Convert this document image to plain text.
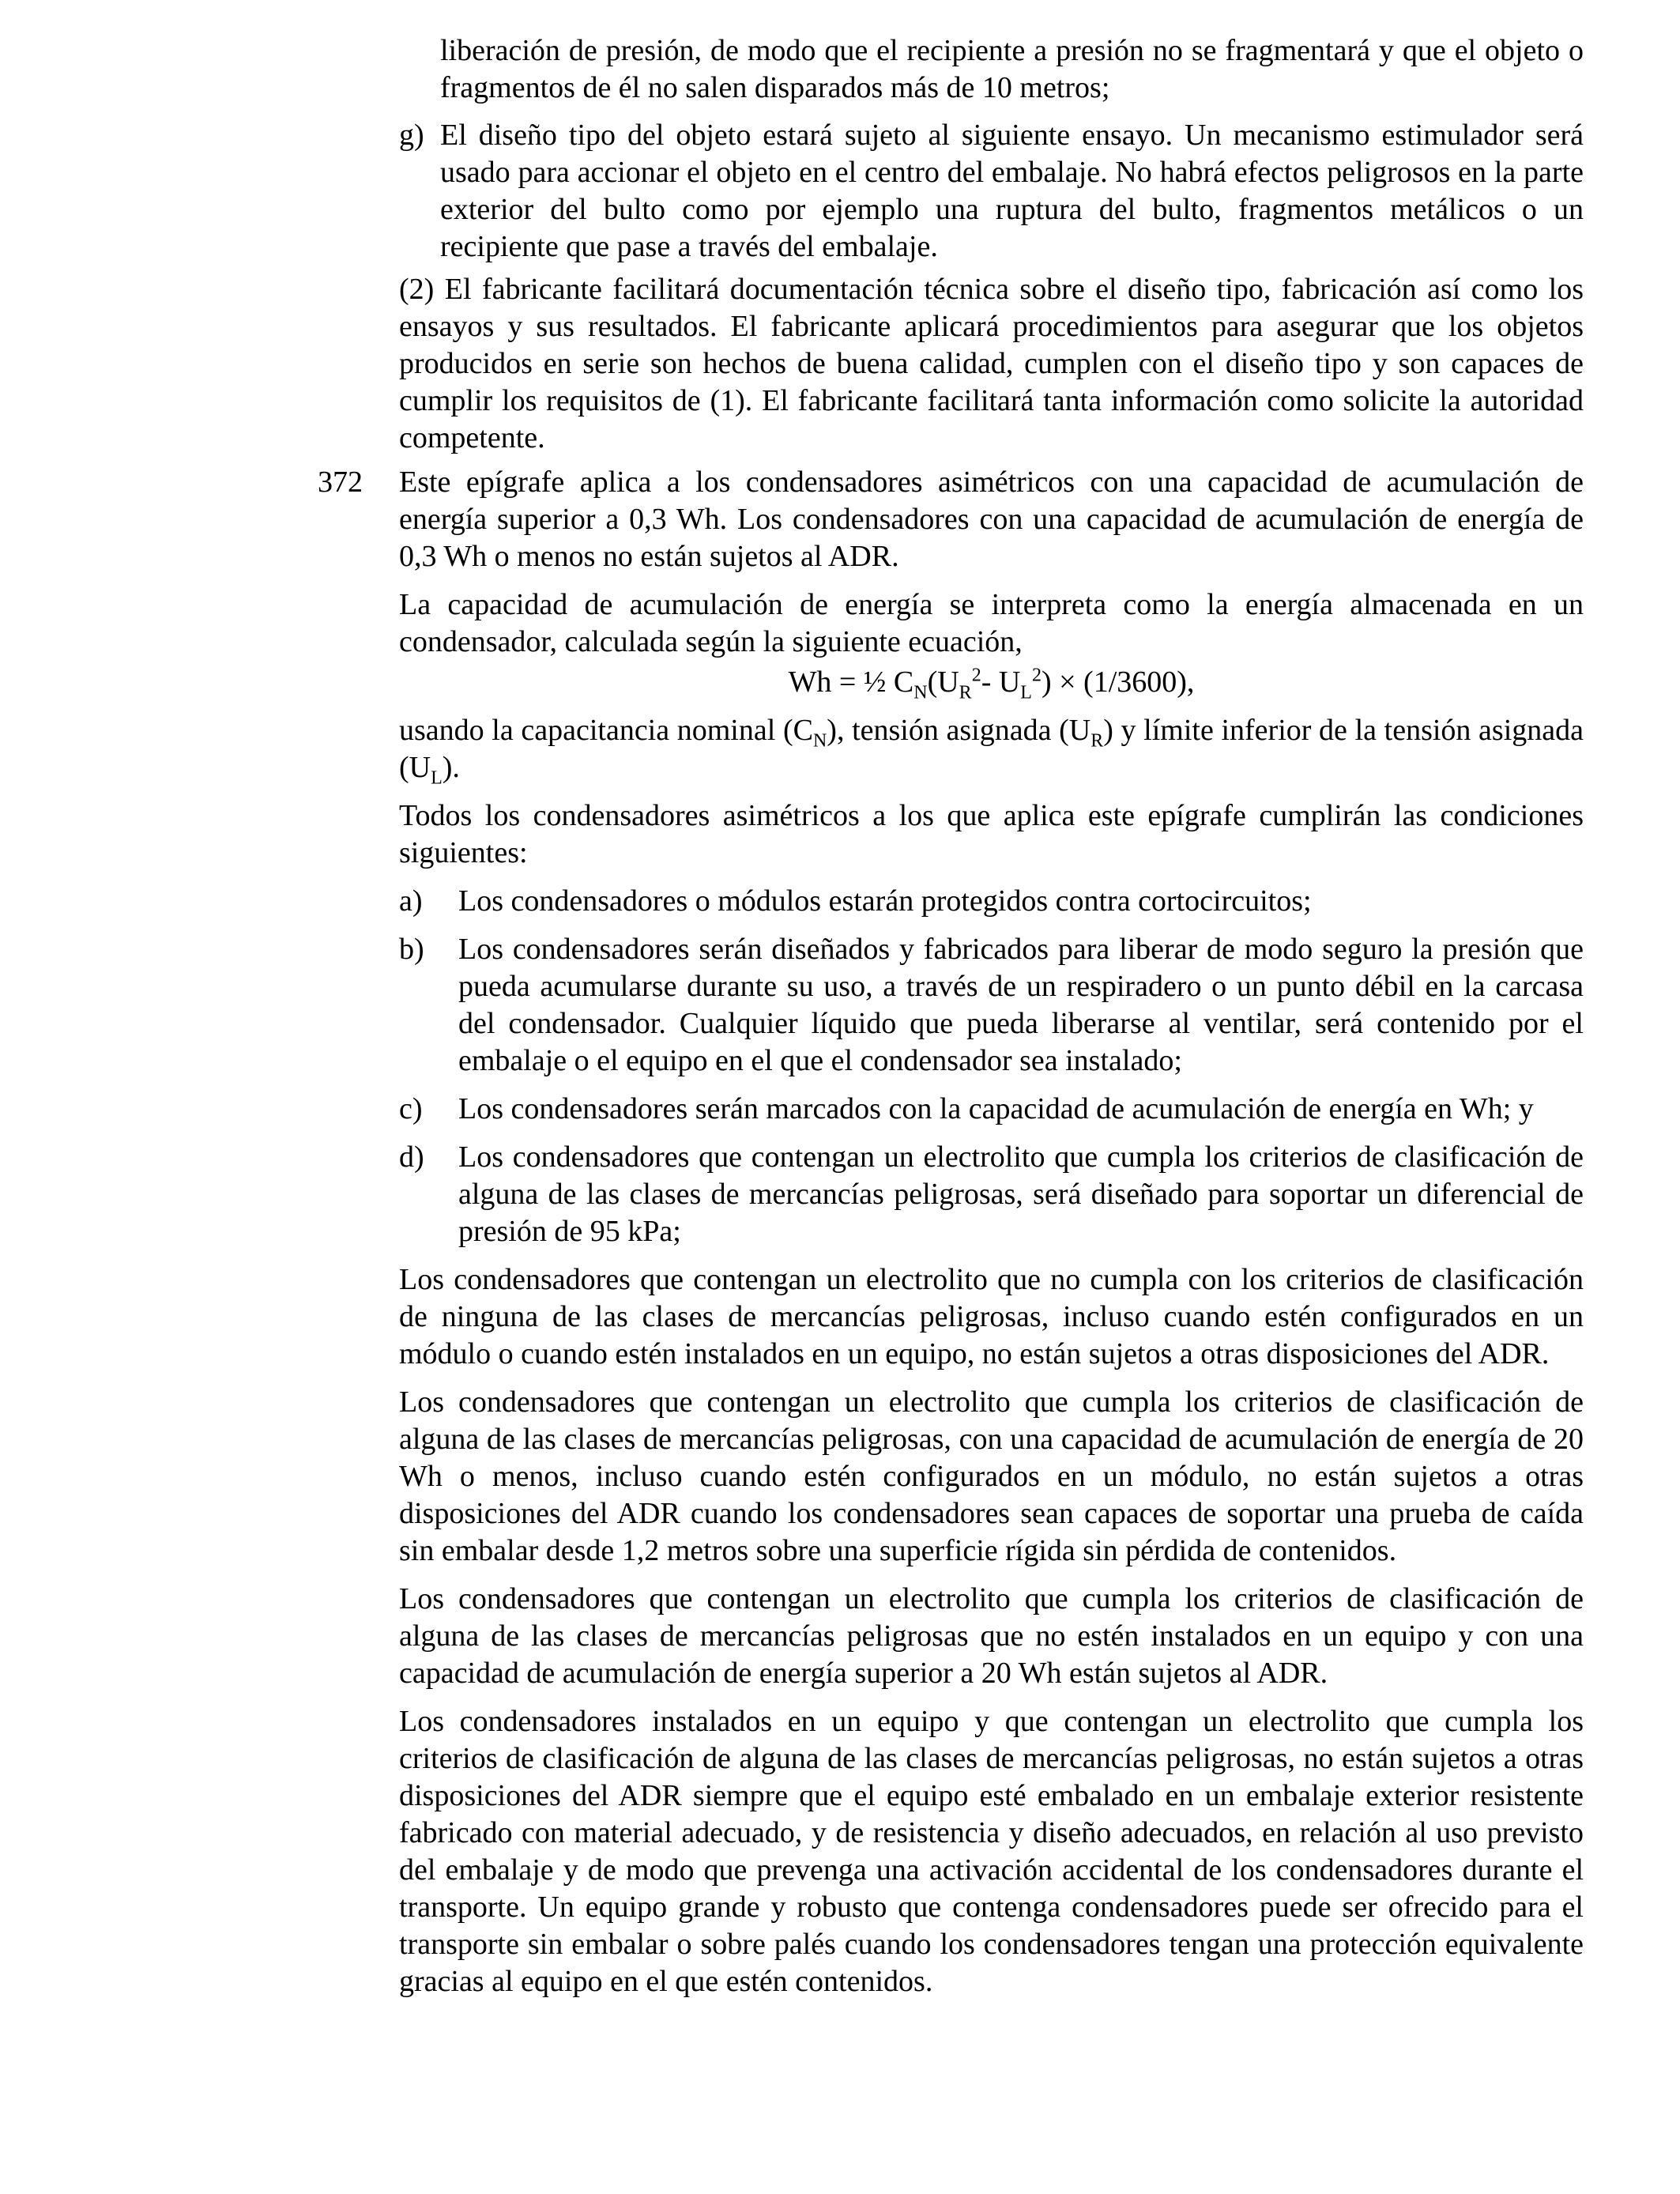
liberación de presión, de modo que el recipiente a presión no se fragmentará y que el objeto o fragmentos de él no salen disparados más de 10 metros;
g) El diseño tipo del objeto estará sujeto al siguiente ensayo. Un mecanismo estimulador será usado para accionar el objeto en el centro del embalaje. No habrá efectos peligrosos en la parte exterior del bulto como por ejemplo una ruptura del bulto, fragmentos metálicos o un recipiente que pase a través del embalaje.
(2) El fabricante facilitará documentación técnica sobre el diseño tipo, fabricación así como los ensayos y sus resultados. El fabricante aplicará procedimientos para asegurar que los objetos producidos en serie son hechos de buena calidad, cumplen con el diseño tipo y son capaces de cumplir los requisitos de (1). El fabricante facilitará tanta información como solicite la autoridad competente.
372	Este epígrafe aplica a los condensadores asimétricos con una capacidad de acumulación de energía superior a 0,3 Wh. Los condensadores con una capacidad de acumulación de energía de 0,3 Wh o menos no están sujetos al ADR.
La capacidad de acumulación de energía se interpreta como la energía almacenada en un condensador, calculada según la siguiente ecuación,
Wh = ½ $C_N(U_R^2-$ $U_L^2) \times (1/3600)$,
usando la capacitancia nominal $(C_N)$, tensión asignada $(U_R)$ y límite inferior de la tensión asignada $(U_L)$.
Todos los condensadores asimétricos a los que aplica este epígrafe cumplirán las condiciones siguientes:
a)	Los condensadores o módulos estarán protegidos contra cortocircuitos;
b)	Los condensadores serán diseñados y fabricados para liberar de modo seguro la presión que pueda acumularse durante su uso, a través de un respiradero o un punto débil en la carcasa del condensador. Cualquier líquido que pueda liberarse al ventilar, será contenido por el embalaje o el equipo en el que el condensador sea instalado;
c)	Los condensadores serán marcados con la capacidad de acumulación de energía en Wh; y
d)	Los condensadores que contengan un electrolito que cumpla los criterios de clasificación de alguna de las clases de mercancías peligrosas, será diseñado para soportar un diferencial de presión de 95 kPa;
Los condensadores que contengan un electrolito que no cumpla con los criterios de clasificación de ninguna de las clases de mercancías peligrosas, incluso cuando estén configurados en un módulo o cuando estén instalados en un equipo, no están sujetos a otras disposiciones del ADR.
Los condensadores que contengan un electrolito que cumpla los criterios de clasificación de alguna de las clases de mercancías peligrosas, con una capacidad de acumulación de energía de 20 Wh o menos, incluso cuando estén configurados en un módulo, no están sujetos a otras disposiciones del ADR cuando los condensadores sean capaces de soportar una prueba de caída sin embalar desde 1,2 metros sobre una superficie rígida sin pérdida de contenidos.
Los condensadores que contengan un electrolito que cumpla los criterios de clasificación de alguna de las clases de mercancías peligrosas que no estén instalados en un equipo y con una capacidad de acumulación de energía superior a 20 Wh están sujetos al ADR.
Los condensadores instalados en un equipo y que contengan un electrolito que cumpla los criterios de clasificación de alguna de las clases de mercancías peligrosas, no están sujetos a otras disposiciones del ADR siempre que el equipo esté embalado en un embalaje exterior resistente fabricado con material adecuado, y de resistencia y diseño adecuados, en relación al uso previsto del embalaje y de modo que prevenga una activación accidental de los condensadores durante el transporte. Un equipo grande y robusto que contenga condensadores puede ser ofrecido para el transporte sin embalar o sobre palés cuando los condensadores tengan una protección equivalente gracias al equipo en el que estén contenidos.
